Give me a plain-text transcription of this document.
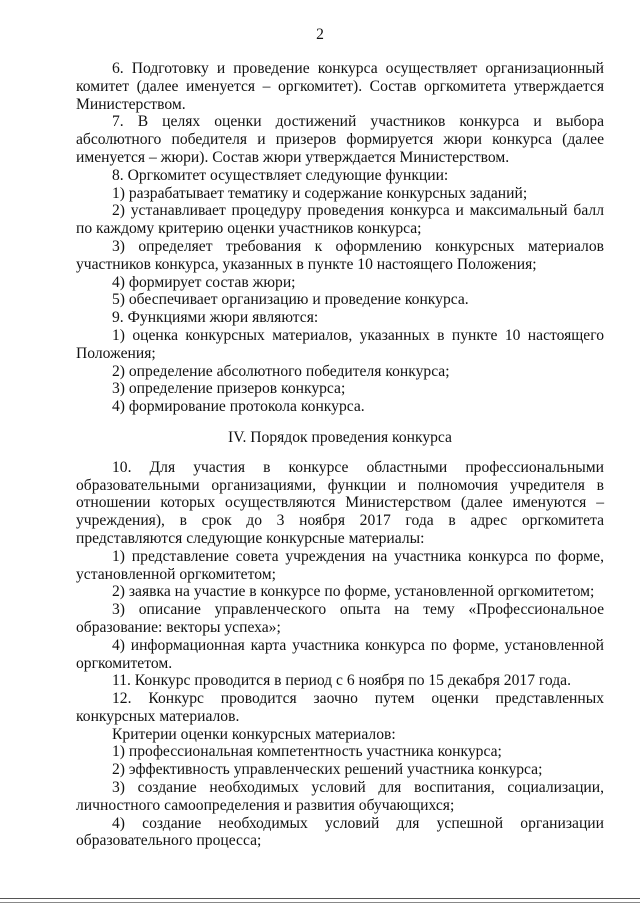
2

6. Подготовку и проведение конкурса осуществляет организационный комитет (далее именуется – оргкомитет). Состав оргкомитета утверждается Министерством.

7. В целях оценки достижений участников конкурса и выбора абсолютного победителя и призеров формируется жюри конкурса (далее именуется – жюри). Состав жюри утверждается Министерством.

8. Оргкомитет осуществляет следующие функции:

1) разрабатывает тематику и содержание конкурсных заданий;

2) устанавливает процедуру проведения конкурса и максимальный балл по каждому критерию оценки участников конкурса;

3) определяет требования к оформлению конкурсных материалов участников конкурса, указанных в пункте 10 настоящего Положения;

4) формирует состав жюри;

5) обеспечивает организацию и проведение конкурса.

9. Функциями жюри являются:

1) оценка конкурсных материалов, указанных в пункте 10 настоящего Положения;

2) определение абсолютного победителя конкурса;

3) определение призеров конкурса;

4) формирование протокола конкурса.

IV. Порядок проведения конкурса

10. Для участия в конкурсе областными профессиональными образовательными организациями, функции и полномочия учредителя в отношении которых осуществляются Министерством (далее именуются – учреждения), в срок до 3 ноября 2017 года в адрес оргкомитета представляются следующие конкурсные материалы:

1) представление совета учреждения на участника конкурса по форме, установленной оргкомитетом;

2) заявка на участие в конкурсе по форме, установленной оргкомитетом;

3) описание управленческого опыта на тему «Профессиональное образование: векторы успеха»;

4) информационная карта участника конкурса по форме, установленной оргкомитетом.

11. Конкурс проводится в период с 6 ноября по 15 декабря 2017 года.

12. Конкурс проводится заочно путем оценки представленных конкурсных материалов.

Критерии оценки конкурсных материалов:

1) профессиональная компетентность участника конкурса;

2) эффективность управленческих решений участника конкурса;

3) создание необходимых условий для воспитания, социализации, личностного самоопределения и развития обучающихся;

4) создание необходимых условий для успешной организации образовательного процесса;
